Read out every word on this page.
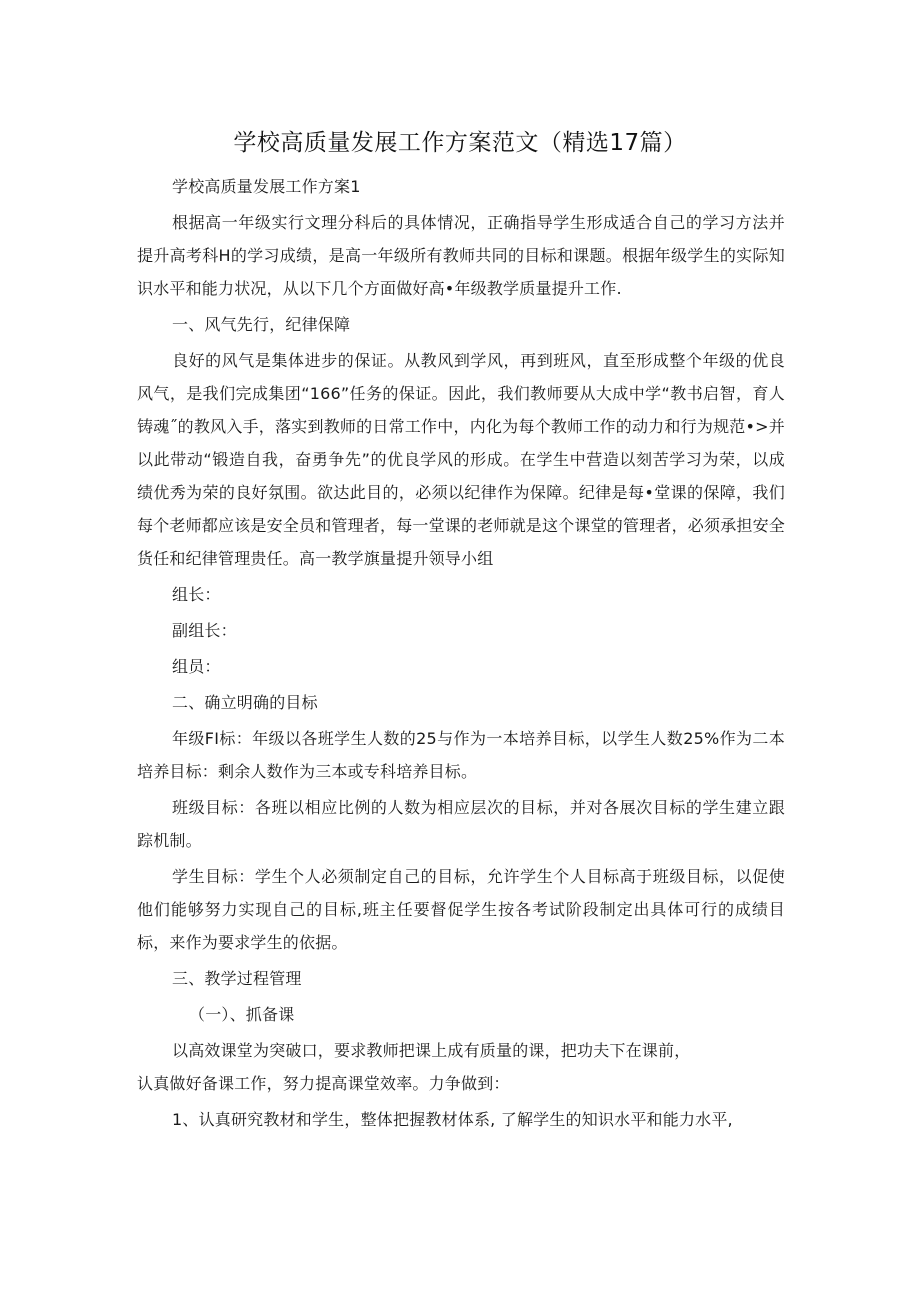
学校高质量发展工作方案范文（精选17篇）

学校高质量发展工作方案1

根据高一年级实行文理分科后的具体情况，正确指导学生形成适合自己的学习方法并提升高考科H的学习成绩，是高一年级所有教师共同的目标和课题。根据年级学生的实际知识水平和能力状况，从以下几个方面做好高•年级教学质量提升工作.

一、风气先行，纪律保障

良好的风气是集体进步的保证。从教风到学风，再到班风，直至形成整个年级的优良风气，是我们完成集团“166”任务的保证。因此，我们教师要从大成中学“教书启智，育人铸魂˝的教风入手，落实到教师的日常工作中，内化为每个教师工作的动力和行为规范•>并以此带动“锻造自我，奋勇争先”的优良学风的形成。在学生中营造以刻苦学习为荣，以成绩优秀为荣的良好氛围。欲达此目的，必须以纪律作为保障。纪律是每•堂课的保障，我们每个老师都应该是安全员和管理者，每一堂课的老师就是这个课堂的管理者，必须承担安全货任和纪律管理贵任。高一教学旗量提升领导小组

组长：

副组长：

组员：

二、确立明确的目标

年级FI标：年级以各班学生人数的25与作为一本培养目标，以学生人数25%作为二本培养目标：剩余人数作为三本或专科培养目标。

班级目标：各班以相应比例的人数为相应层次的目标，并对各展次目标的学生建立跟踪机制。

学生目标：学生个人必须制定自己的目标，允许学生个人目标高于班级目标，以促使他们能够努力实现自己的目标,班主任要督促学生按各考试阶段制定出具体可行的成绩目标，来作为要求学生的依据。

三、教学过程管理

（一）、抓备课

以高效课堂为突破口，要求教师把课上成有质量的课，把功夫下在课前，

认真做好备课工作，努力提高课堂效率。力争做到：

1、认真研究教材和学生，整体把握教材体系, 了解学生的知识水平和能力水平,
